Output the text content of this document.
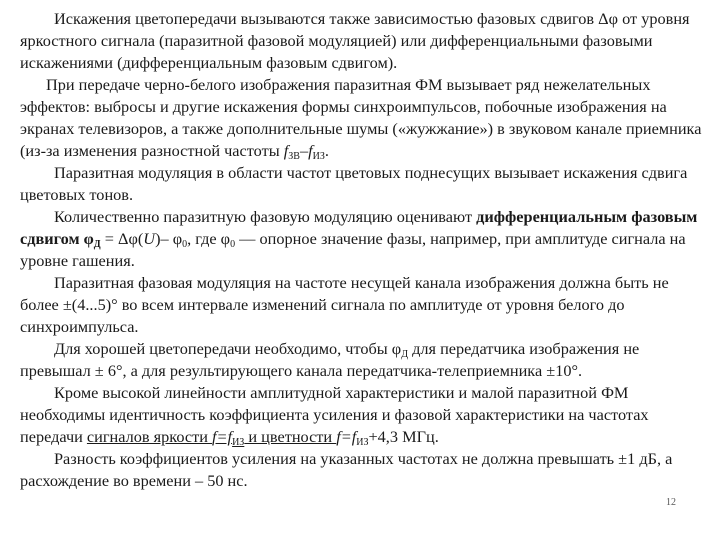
Искажения цветопередачи вызываются также зависимостью фазовых сдвигов Δφ от уровня яркостного сигнала (паразитной фазовой модуляцией) или дифференциальными фазовыми искажениями (дифференциальным фазовым сдвигом).

При передаче черно-белого изображения паразитная ФМ вызывает ряд нежелательных эффектов: выбросы и другие искажения формы синхроимпульсов, побочные изображения на экранах телевизоров, а также дополнительные шумы («жужжание») в звуковом канале приемника (из-за изменения разностной частоты $f_{ЗВ}-f_{ИЗ}$.

Паразитная модуляция в области частот цветовых поднесущих вызывает искажения сдвига цветовых тонов.

Количественно паразитную фазовую модуляцию оценивают дифференциальным фазовым сдвигом $\varphi_Д = \Delta\varphi(U)-$ $\varphi_0$, где $\varphi_0$ — опорное значение фазы, например, при амплитуде сигнала на уровне гашения.

Паразитная фазовая модуляция на частоте несущей канала изображения должна быть не более ±(4...5)° во всем интервале изменений сигнала по амплитуде от уровня белого до синхроимпульса.

Для хорошей цветопередачи необходимо, чтобы $\varphi_Д$ для передатчика изображения не превышал ± 6°, а для результирующего канала передатчика-телеприемника ±10°.

Кроме высокой линейности амплитудной характеристики и малой паразитной ФМ необходимы идентичность коэффициента усиления и фазовой характеристики на частотах передачи сигналов яркости $f=f_{ИЗ}$ и цветности $f=f_{ИЗ}+4,3$ МГц.

Разность коэффициентов усиления на указанных частотах не должна превышать ±1 дБ, а расхождение во времени – 50 нс.

12
